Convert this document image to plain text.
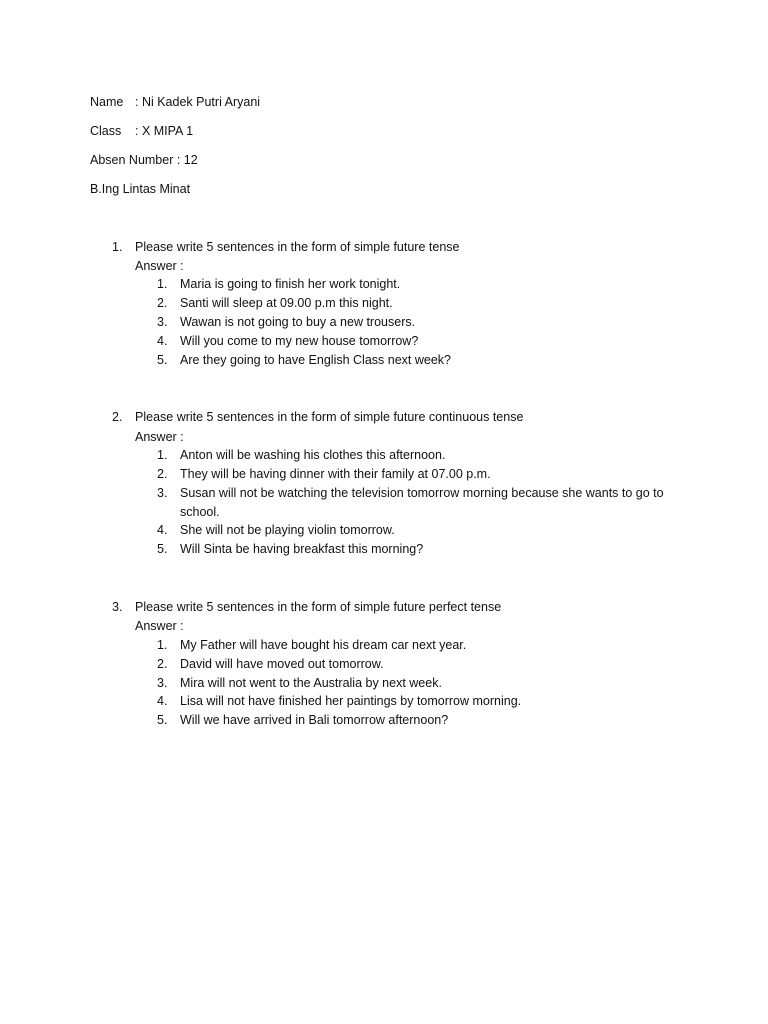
Name : Ni Kadek Putri Aryani
Class : X MIPA 1
Absen Number : 12
B.Ing Lintas Minat
1. Please write 5 sentences in the form of simple future tense
Answer :
1. Maria is going to finish her work tonight.
2. Santi will sleep at 09.00 p.m this night.
3. Wawan is not going to buy a new trousers.
4. Will you come to my new house tomorrow?
5. Are they going to have English Class next week?
2. Please write 5 sentences in the form of simple future continuous tense
Answer :
1. Anton will be washing his clothes this afternoon.
2. They will be having dinner with their family at 07.00 p.m.
3. Susan will not be watching the television tomorrow morning because she wants to go to school.
4. She will not be playing violin tomorrow.
5. Will Sinta be having breakfast this morning?
3. Please write 5 sentences in the form of simple future perfect tense
Answer :
1. My Father will have bought his dream car next year.
2. David will have moved out tomorrow.
3. Mira will not went to the Australia by next week.
4. Lisa will not have finished her paintings by tomorrow morning.
5. Will we have arrived in Bali tomorrow afternoon?
